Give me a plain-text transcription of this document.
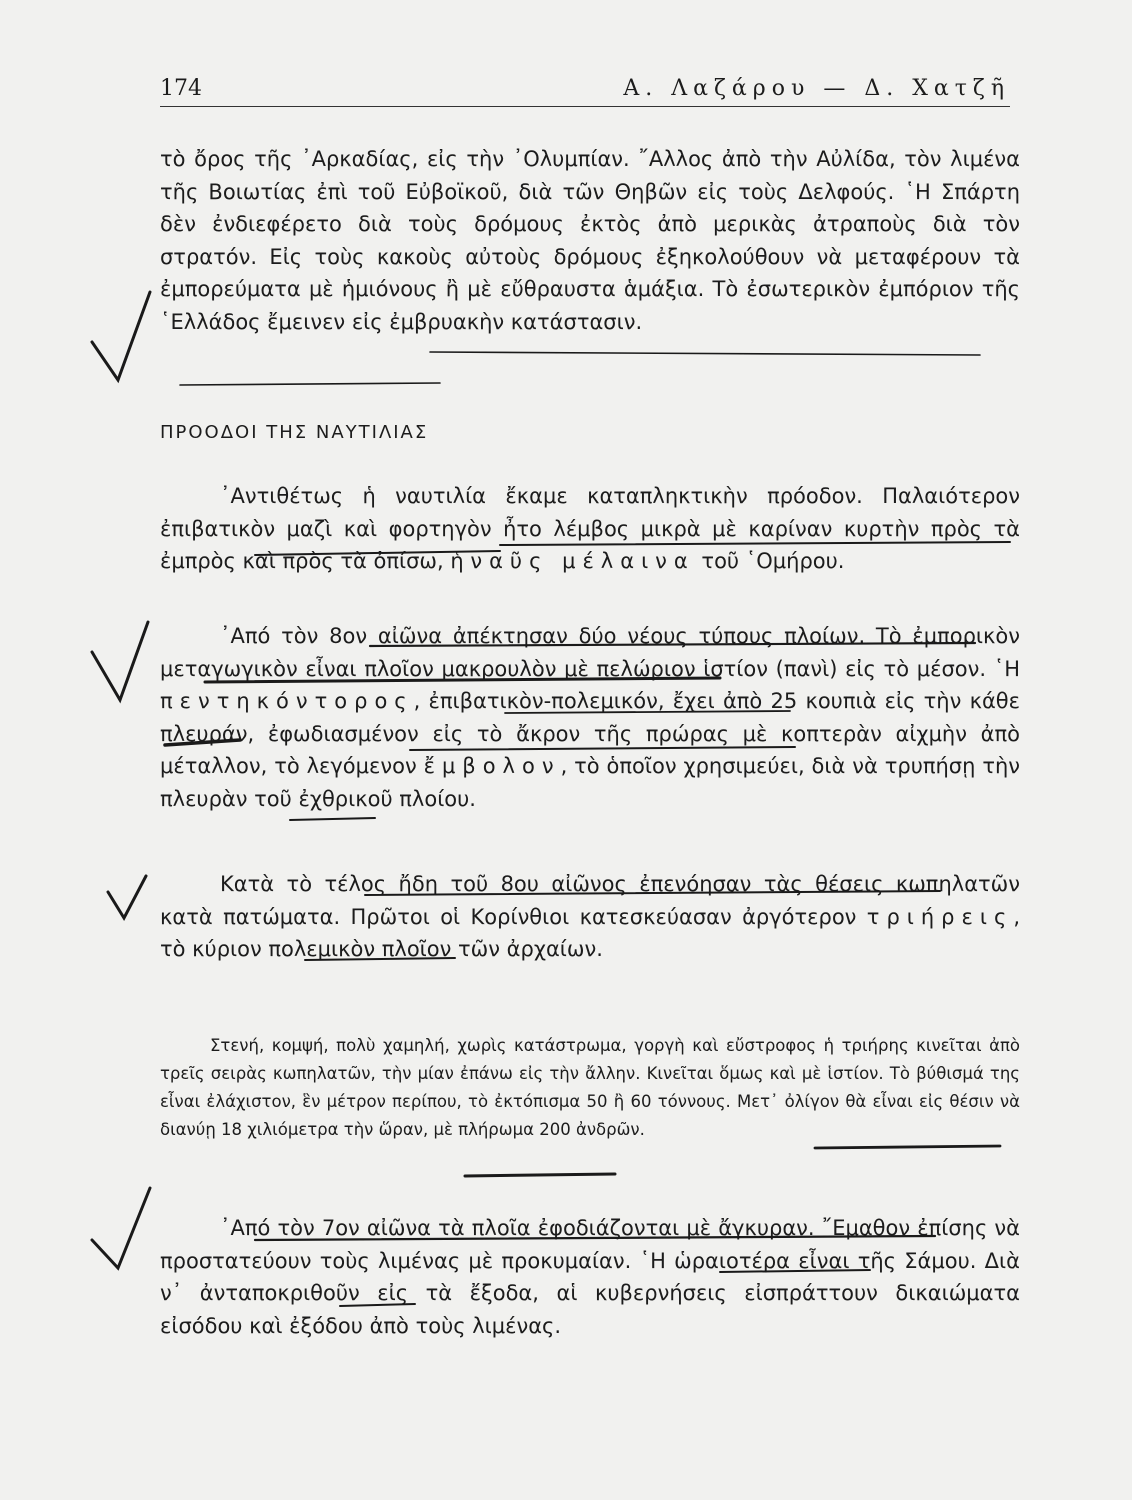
174	Α. Λαζάρου — Δ. Χατζῆ

τὸ ὄρος τῆς ᾿Αρκαδίας, εἰς τὴν ᾿Ολυμπίαν. ῎Αλλος ἀπὸ τὴν Αὐλίδα, τὸν λιμένα τῆς Βοιωτίας ἐπὶ τοῦ Εὐβοϊκοῦ, διὰ τῶν Θηβῶν εἰς τοὺς Δελφούς. ῾Η Σπάρτη δὲν ἐνδιεφέρετο διὰ τοὺς δρόμους ἐκτὸς ἀπὸ μερικὰς ἀτραποὺς διὰ τὸν στρατόν. Εἰς τοὺς κακοὺς αὐτοὺς δρόμους ἐξηκολούθουν νὰ μεταφέρουν τὰ ἐμπορεύματα μὲ ἡμιόνους ἢ μὲ εὔθραυστα ἁμάξια. Τὸ ἐσωτερικὸν ἐμπόριον τῆς ῾Ελλάδος ἔμεινεν εἰς ἐμβρυακὴν κατάστασιν.

ΠΡΟΟΔΟΙ ΤΗΣ ΝΑΥΤΙΛΙΑΣ

᾿Αντιθέτως ἡ ναυτιλία ἔκαμε καταπληκτικὴν πρόοδον. Παλαιότερον ἐπιβατικὸν μαζὶ καὶ φορτηγὸν ἦτο λέμβος μικρὰ μὲ καρίναν κυρτὴν πρὸς τὰ ἐμπρὸς καὶ πρὸς τὰ ὀπίσω, ἡ ναῦς μέλαινα τοῦ ῾Ομήρου.

᾿Από τὸν 8ον αἰῶνα ἀπέκτησαν δύο νέους τύπους πλοίων. Τὸ ἐμπορικὸν μεταγωγικὸν εἶναι πλοῖον μακρουλὸν μὲ πελώριον ἱστίον (πανὶ) εἰς τὸ μέσον. ῾Η πεντηκόντορος, ἐπιβατικὸν-πολεμικόν, ἔχει ἀπὸ 25 κουπιὰ εἰς τὴν κάθε πλευράν, ἐφωδιασμένον εἰς τὸ ἄκρον τῆς πρώρας μὲ κοπτερὰν αἰχμὴν ἀπὸ μέταλλον, τὸ λεγόμενον ἔμβολον, τὸ ὁποῖον χρησιμεύει, διὰ νὰ τρυπήσῃ τὴν πλευρὰν τοῦ ἐχθρικοῦ πλοίου.

Κατὰ τὸ τέλος ἤδη τοῦ 8ου αἰῶνος ἐπενόησαν τὰς θέσεις κωπηλατῶν κατὰ πατώματα. Πρῶτοι οἱ Κορίνθιοι κατεσκεύασαν ἀργότερον τριήρεις, τὸ κύριον πολεμικὸν πλοῖον τῶν ἀρχαίων.

Στενή, κομψή, πολὺ χαμηλή, χωρὶς κατάστρωμα, γοργὴ καὶ εὔστροφος ἡ τριήρης κινεῖται ἀπὸ τρεῖς σειρὰς κωπηλατῶν, τὴν μίαν ἐπάνω εἰς τὴν ἄλλην. Κινεῖται ὅμως καὶ μὲ ἱστίον. Τὸ βύθισμά της εἶναι ἐλάχιστον, ἓν μέτρον περίπου, τὸ ἐκτόπισμα 50 ἢ 60 τόννους. Μετ᾿ ὀλίγον θὰ εἶναι εἰς θέσιν νὰ διανύῃ 18 χιλιόμετρα τὴν ὥραν, μὲ πλήρωμα 200 ἀνδρῶν.

᾿Από τὸν 7ον αἰῶνα τὰ πλοῖα ἐφοδιάζονται μὲ ἄγκυραν. ῎Εμαθον ἐπίσης νὰ προστατεύουν τοὺς λιμένας μὲ προκυμαίαν. ῾Η ὡραιοτέρα εἶναι τῆς Σάμου. Διὰ ν᾿ ἀνταποκριθοῦν εἰς τὰ ἔξοδα, αἱ κυβερνήσεις εἰσπράττουν δικαιώματα εἰσόδου καὶ ἐξόδου ἀπὸ τοὺς λιμένας.
